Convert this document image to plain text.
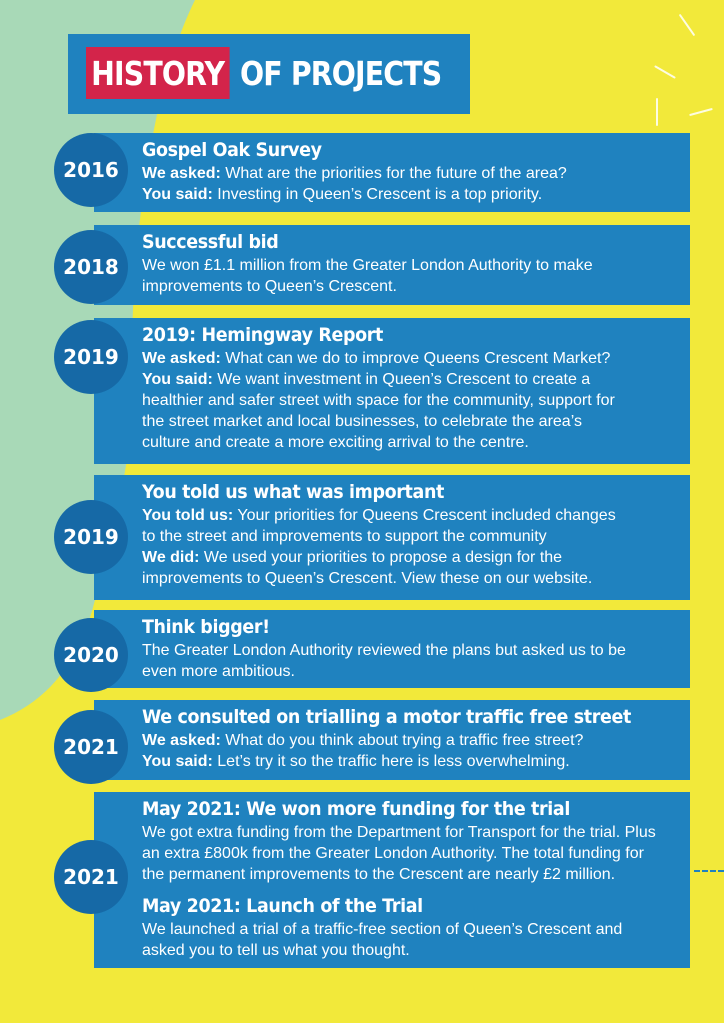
HISTORY OF PROJECTS
2016
Gospel Oak Survey

We asked: What are the priorities for the future of the area?

You said: Investing in Queen’s Crescent is a top priority.

2018
Successful bid

We won £1.1 million from the Greater London Authority to make

improvements to Queen’s Crescent.

2019
2019: Hemingway Report

We asked: What can we do to improve Queens Crescent Market?

You said: We want investment in Queen’s Crescent to create a

healthier and safer street with space for the community, support for

the street market and local businesses, to celebrate the area’s

culture and create a more exciting arrival to the centre.

2019
You told us what was important

You told us: Your priorities for Queens Crescent included changes

to the street and improvements to support the community

We did: We used your priorities to propose a design for the

improvements to Queen’s Crescent. View these on our website.

2020
Think bigger!

The Greater London Authority reviewed the plans but asked us to be

even more ambitious.

2021
We consulted on trialling a motor traffic free street

We asked: What do you think about trying a traffic free street?

You said: Let’s try it so the traffic here is less overwhelming.

2021
May 2021: We won more funding for the trial

We got extra funding from the Department for Transport for the trial. Plus

an extra £800k from the Greater London Authority. The total funding for

the permanent improvements to the Crescent are nearly £2 million.

May 2021: Launch of the Trial

We launched a trial of a traffic-free section of Queen’s Crescent and

asked you to tell us what you thought.
